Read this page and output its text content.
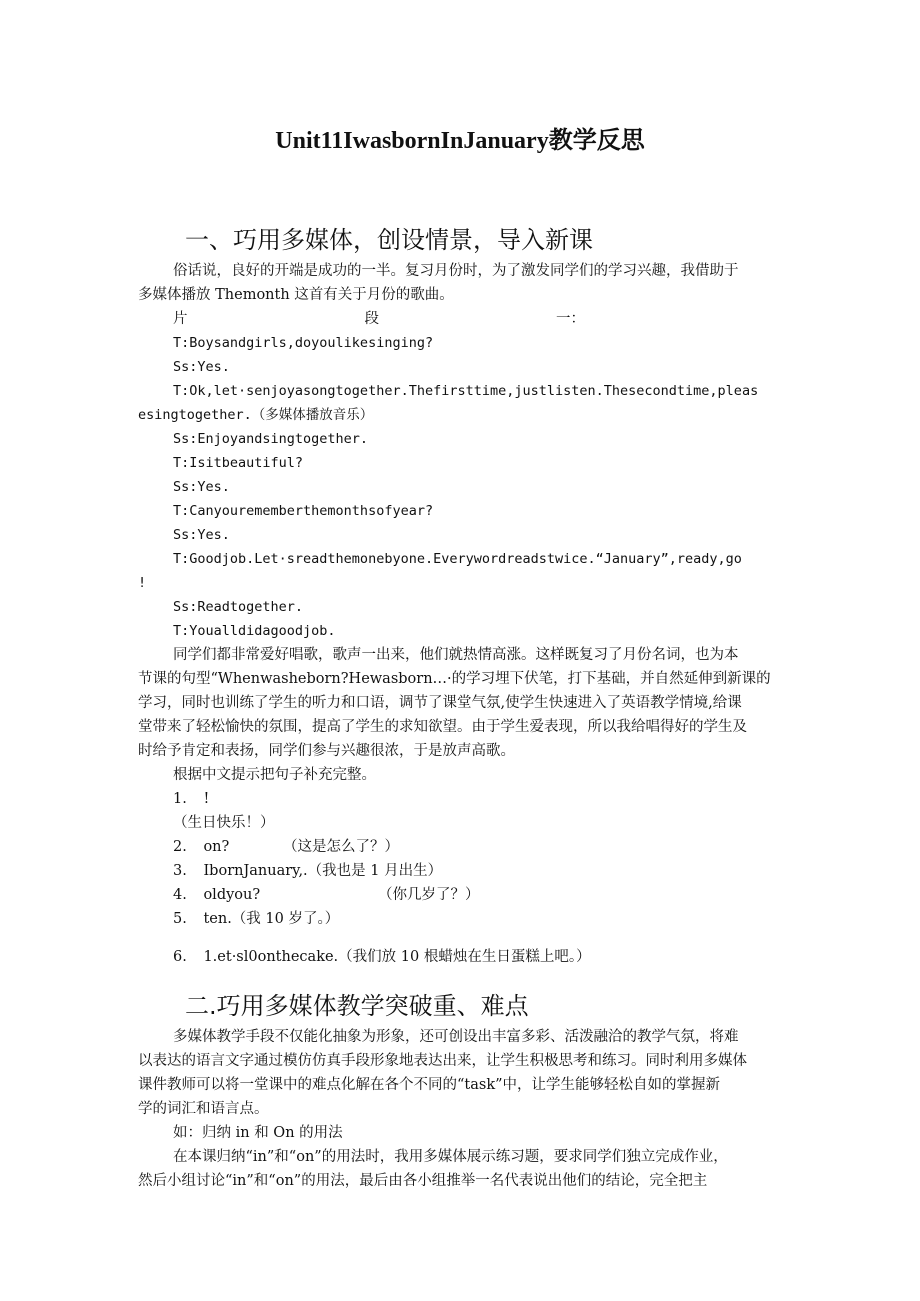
Unit11IwasbornInJanuary教学反思
一、巧用多媒体，创设情景，导入新课
俗话说，良好的开端是成功的一半。复习月份时，为了激发同学们的学习兴趣，我借助于
多媒体播放 Themonth 这首有关于月份的歌曲。
片	段	一：
T:Boysandgirls,doyoulikesinging?
Ss:Yes.
T:Ok,let·senjoyasongtogether.Thefirsttime,justlisten.Thesecondtime,pleas
esingtogether.（多媒体播放音乐）
Ss:Enjoyandsingtogether.
T:Isitbeautiful?
Ss:Yes.
T:Canyourememberthemonthsofyear?
Ss:Yes.
T:Goodjob.Let·sreadthemonebyone.Everywordreadstwice.“January”,ready,go
!
Ss:Readtogether.
T:Youalldidagoodjob.
同学们都非常爱好唱歌，歌声一出来，他们就热情高涨。这样既复习了月份名词，也为本
节课的句型“Whenwasheborn?Hewasborn…·的学习埋下伏笔，打下基础，并自然延伸到新课的
学习，同时也训练了学生的听力和口语，调节了课堂气氛,使学生快速进入了英语教学情境,给课
堂带来了轻松愉快的氛围，提高了学生的求知欲望。由于学生爱表现，所以我给唱得好的学生及
时给予肯定和表扬，同学们参与兴趣很浓，于是放声高歌。
根据中文提示把句子补充完整。
1. !
（生日快乐！）
2. on?	（这是怎么了？）
3. IbornJanuary,.（我也是 1 月出生）
4. oldyou?	（你几岁了？）
5. ten.（我 10 岁了。）
6. 1.et·sl0onthecake.（我们放 10 根蜡烛在生日蛋糕上吧。）
二.巧用多媒体教学突破重、难点
多媒体教学手段不仅能化抽象为形象，还可创设出丰富多彩、活泼融洽的教学气氛，将难
以表达的语言文字通过模仿仿真手段形象地表达出来，让学生积极思考和练习。同时利用多媒体
课件教师可以将一堂课中的难点化解在各个不同的“task”中，让学生能够轻松自如的掌握新
学的词汇和语言点。
如：归纳 in 和 On 的用法
在本课归纳“in”和“on”的用法时，我用多媒体展示练习题，要求同学们独立完成作业，
然后小组讨论“in”和“on”的用法，最后由各小组推举一名代表说出他们的结论，完全把主
